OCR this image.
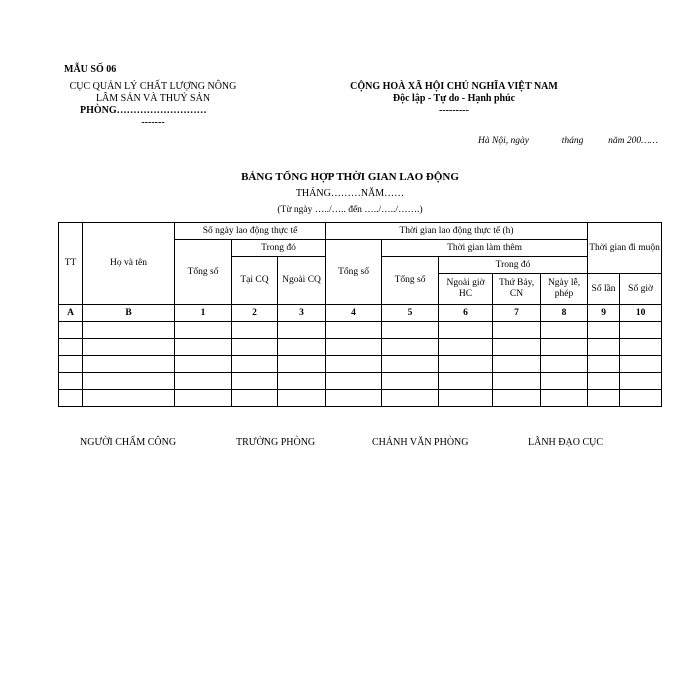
MẪU SỐ 06
CỤC QUẢN LÝ CHẤT LƯỢNG NÔNG
LÂM SẢN VÀ THUỶ SẢN
PHÒNG………………………
-------
CỘNG HOÀ XÃ HỘI CHỦ NGHĨA VIỆT NAM
Độc lập - Tự do - Hạnh phúc
---------
Hà Nội, ngày	tháng	năm 200……
BẢNG TỔNG HỢP THỜI GIAN LAO ĐỘNG
THÁNG………NĂM……
(Từ ngày …../….. đến …../…../…….)
TT	Họ và tên	Số ngày lao động thực tế			Thời gian lao động thực tế (h)					Thời gian đi muộn	
		Tổng số	Trong đó		Tổng số	Thời gian làm thêm					
			Tại CQ	Ngoài CQ		Tổng số	Trong đó				
							Ngoài giờ HC	Thứ Bảy, CN	Ngày lễ, phép	Số lần	Số giờ
A	B	1	2	3	4	5	6	7	8	9	10

NGƯỜI CHẤM CÔNG	TRƯỞNG PHÒNG	CHÁNH VĂN PHÒNG	LÃNH ĐẠO CỤC
